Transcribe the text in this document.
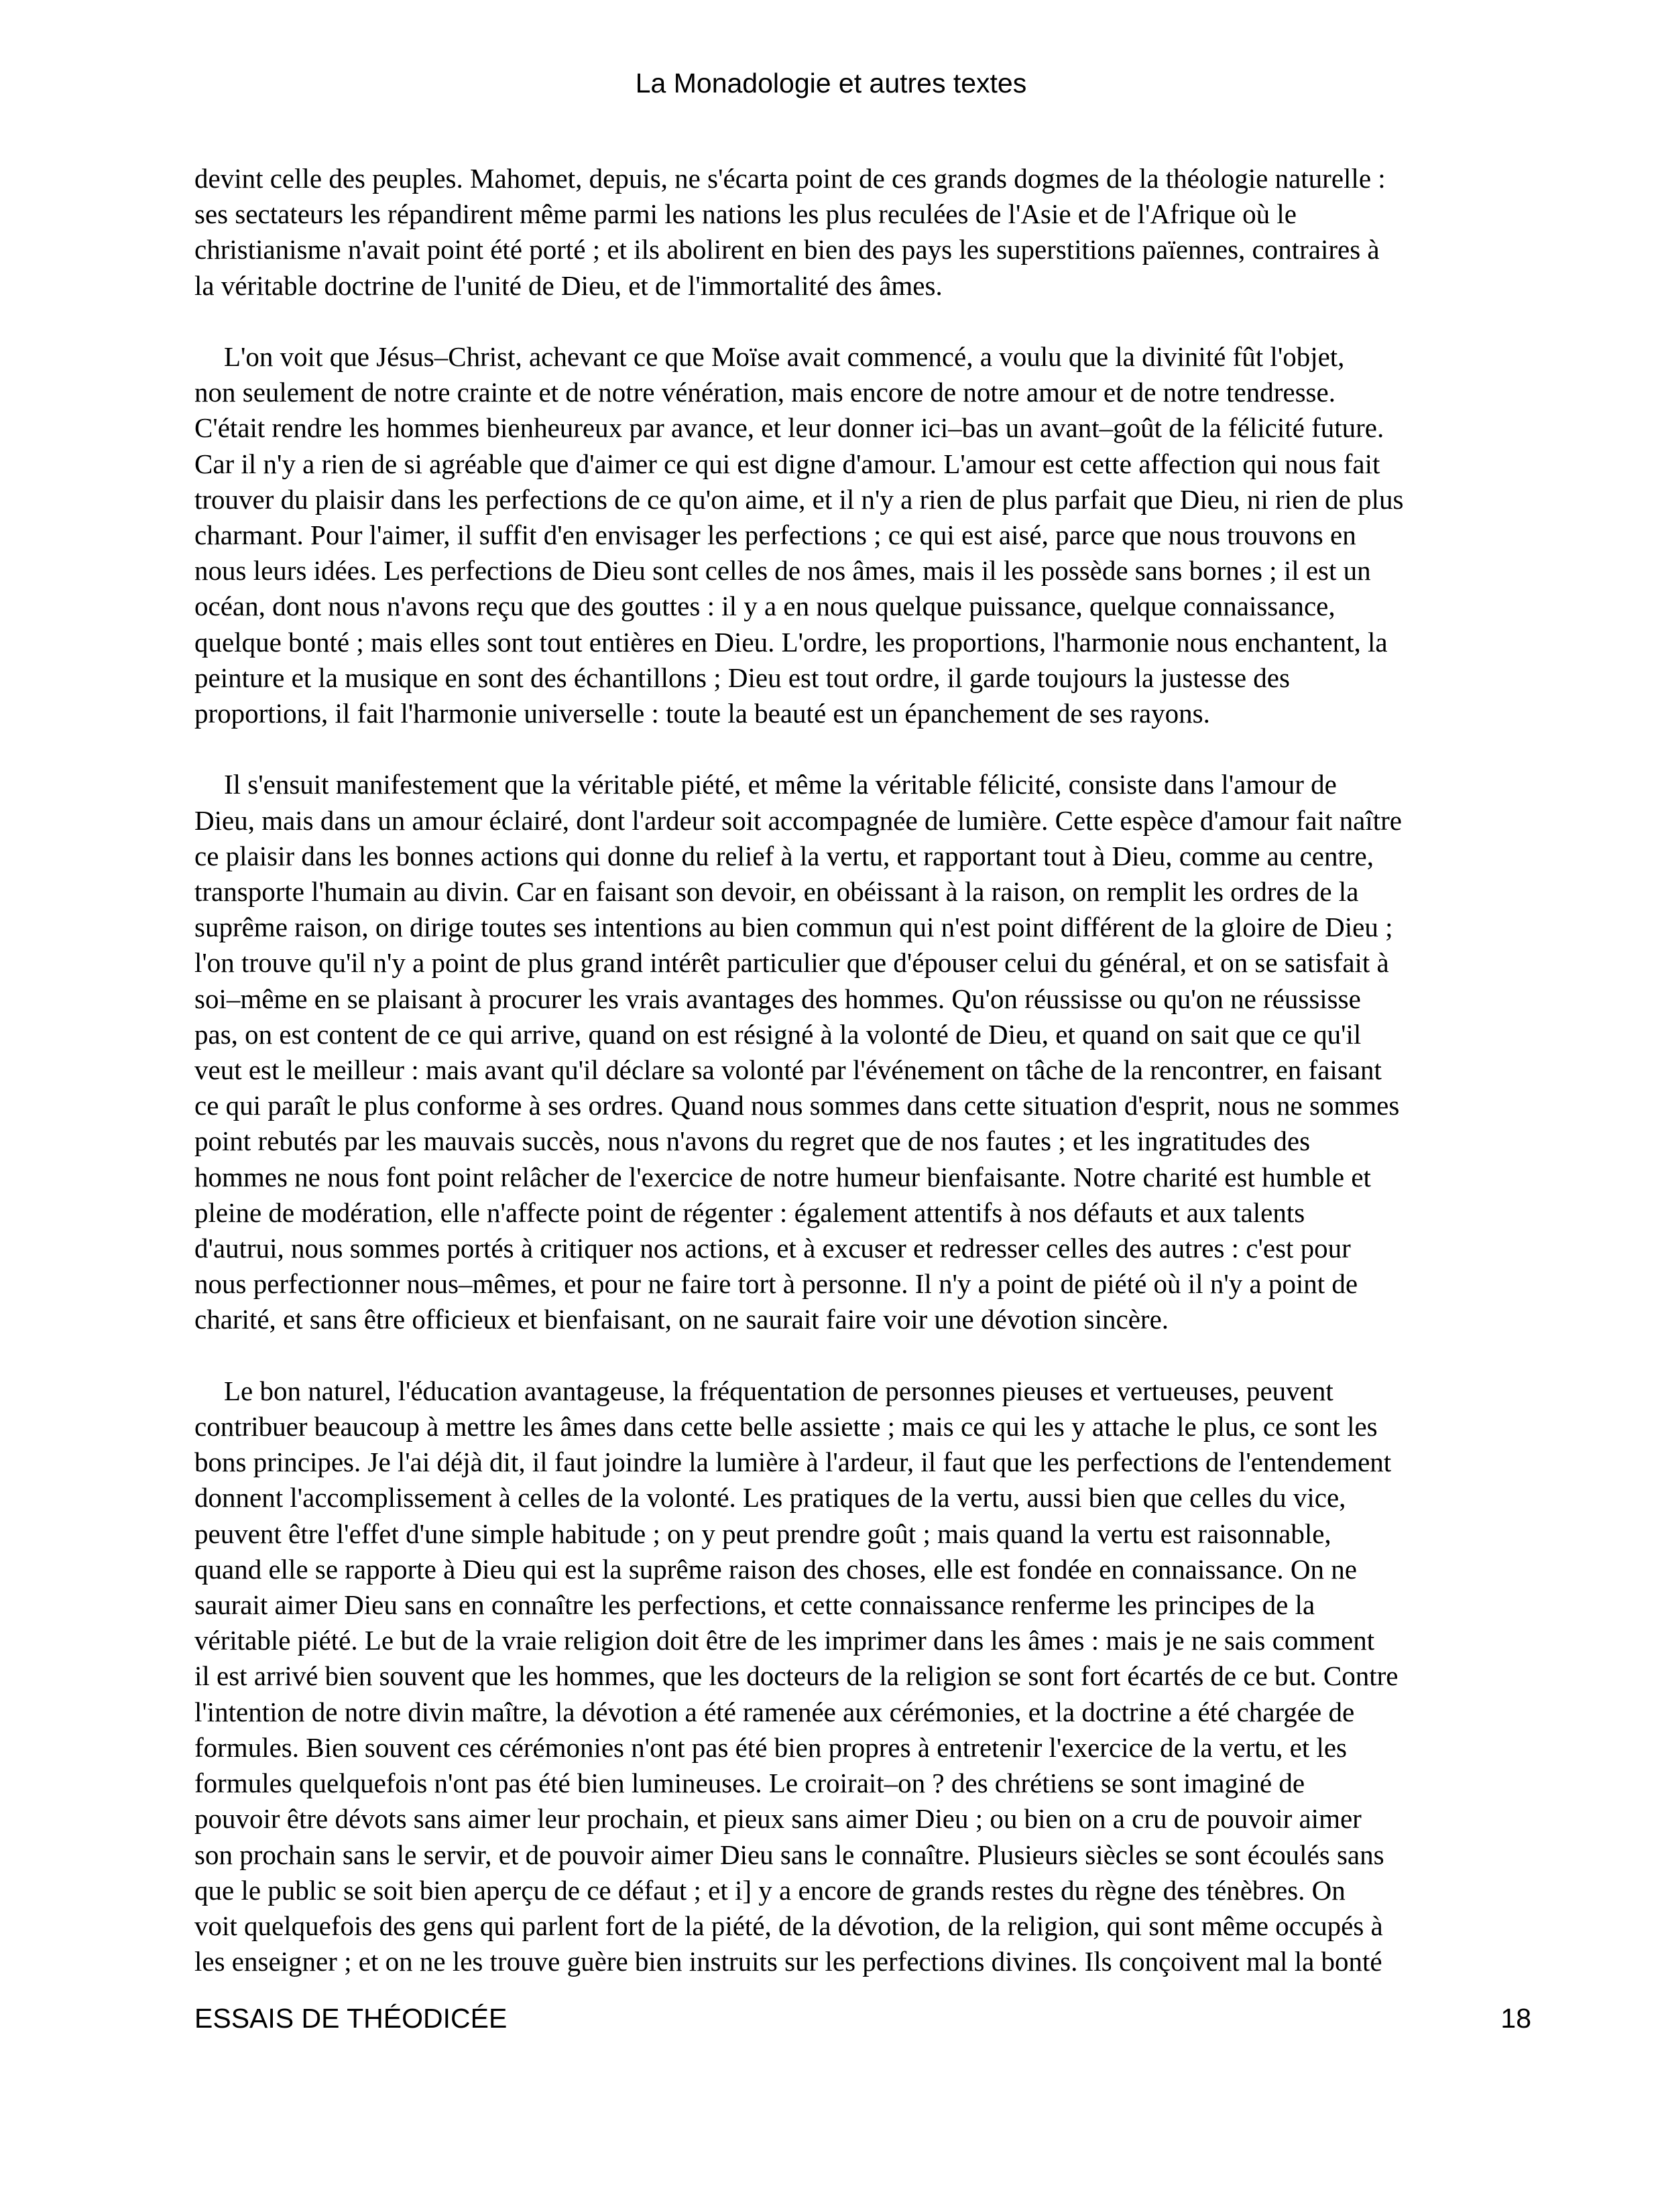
La Monadologie et autres textes

devint celle des peuples. Mahomet, depuis, ne s'écarta point de ces grands dogmes de la théologie naturelle :
ses sectateurs les répandirent même parmi les nations les plus reculées de l'Asie et de l'Afrique où le
christianisme n'avait point été porté ; et ils abolirent en bien des pays les superstitions païennes, contraires à
la véritable doctrine de l'unité de Dieu, et de l'immortalité des âmes.

L'on voit que Jésus–Christ, achevant ce que Moïse avait commencé, a voulu que la divinité fût l'objet,
non seulement de notre crainte et de notre vénération, mais encore de notre amour et de notre tendresse.
C'était rendre les hommes bienheureux par avance, et leur donner ici–bas un avant–goût de la félicité future.
Car il n'y a rien de si agréable que d'aimer ce qui est digne d'amour. L'amour est cette affection qui nous fait
trouver du plaisir dans les perfections de ce qu'on aime, et il n'y a rien de plus parfait que Dieu, ni rien de plus
charmant. Pour l'aimer, il suffit d'en envisager les perfections ; ce qui est aisé, parce que nous trouvons en
nous leurs idées. Les perfections de Dieu sont celles de nos âmes, mais il les possède sans bornes ; il est un
océan, dont nous n'avons reçu que des gouttes : il y a en nous quelque puissance, quelque connaissance,
quelque bonté ; mais elles sont tout entières en Dieu. L'ordre, les proportions, l'harmonie nous enchantent, la
peinture et la musique en sont des échantillons ; Dieu est tout ordre, il garde toujours la justesse des
proportions, il fait l'harmonie universelle : toute la beauté est un épanchement de ses rayons.

Il s'ensuit manifestement que la véritable piété, et même la véritable félicité, consiste dans l'amour de
Dieu, mais dans un amour éclairé, dont l'ardeur soit accompagnée de lumière. Cette espèce d'amour fait naître
ce plaisir dans les bonnes actions qui donne du relief à la vertu, et rapportant tout à Dieu, comme au centre,
transporte l'humain au divin. Car en faisant son devoir, en obéissant à la raison, on remplit les ordres de la
suprême raison, on dirige toutes ses intentions au bien commun qui n'est point différent de la gloire de Dieu ;
l'on trouve qu'il n'y a point de plus grand intérêt particulier que d'épouser celui du général, et on se satisfait à
soi–même en se plaisant à procurer les vrais avantages des hommes. Qu'on réussisse ou qu'on ne réussisse
pas, on est content de ce qui arrive, quand on est résigné à la volonté de Dieu, et quand on sait que ce qu'il
veut est le meilleur : mais avant qu'il déclare sa volonté par l'événement on tâche de la rencontrer, en faisant
ce qui paraît le plus conforme à ses ordres. Quand nous sommes dans cette situation d'esprit, nous ne sommes
point rebutés par les mauvais succès, nous n'avons du regret que de nos fautes ; et les ingratitudes des
hommes ne nous font point relâcher de l'exercice de notre humeur bienfaisante. Notre charité est humble et
pleine de modération, elle n'affecte point de régenter : également attentifs à nos défauts et aux talents
d'autrui, nous sommes portés à critiquer nos actions, et à excuser et redresser celles des autres : c'est pour
nous perfectionner nous–mêmes, et pour ne faire tort à personne. Il n'y a point de piété où il n'y a point de
charité, et sans être officieux et bienfaisant, on ne saurait faire voir une dévotion sincère.

Le bon naturel, l'éducation avantageuse, la fréquentation de personnes pieuses et vertueuses, peuvent
contribuer beaucoup à mettre les âmes dans cette belle assiette ; mais ce qui les y attache le plus, ce sont les
bons principes. Je l'ai déjà dit, il faut joindre la lumière à l'ardeur, il faut que les perfections de l'entendement
donnent l'accomplissement à celles de la volonté. Les pratiques de la vertu, aussi bien que celles du vice,
peuvent être l'effet d'une simple habitude ; on y peut prendre goût ; mais quand la vertu est raisonnable,
quand elle se rapporte à Dieu qui est la suprême raison des choses, elle est fondée en connaissance. On ne
saurait aimer Dieu sans en connaître les perfections, et cette connaissance renferme les principes de la
véritable piété. Le but de la vraie religion doit être de les imprimer dans les âmes : mais je ne sais comment
il est arrivé bien souvent que les hommes, que les docteurs de la religion se sont fort écartés de ce but. Contre
l'intention de notre divin maître, la dévotion a été ramenée aux cérémonies, et la doctrine a été chargée de
formules. Bien souvent ces cérémonies n'ont pas été bien propres à entretenir l'exercice de la vertu, et les
formules quelquefois n'ont pas été bien lumineuses. Le croirait–on ? des chrétiens se sont imaginé de
pouvoir être dévots sans aimer leur prochain, et pieux sans aimer Dieu ; ou bien on a cru de pouvoir aimer
son prochain sans le servir, et de pouvoir aimer Dieu sans le connaître. Plusieurs siècles se sont écoulés sans
que le public se soit bien aperçu de ce défaut ; et i] y a encore de grands restes du règne des ténèbres. On
voit quelquefois des gens qui parlent fort de la piété, de la dévotion, de la religion, qui sont même occupés à
les enseigner ; et on ne les trouve guère bien instruits sur les perfections divines. Ils conçoivent mal la bonté

ESSAIS DE THÉODICÉE	18
